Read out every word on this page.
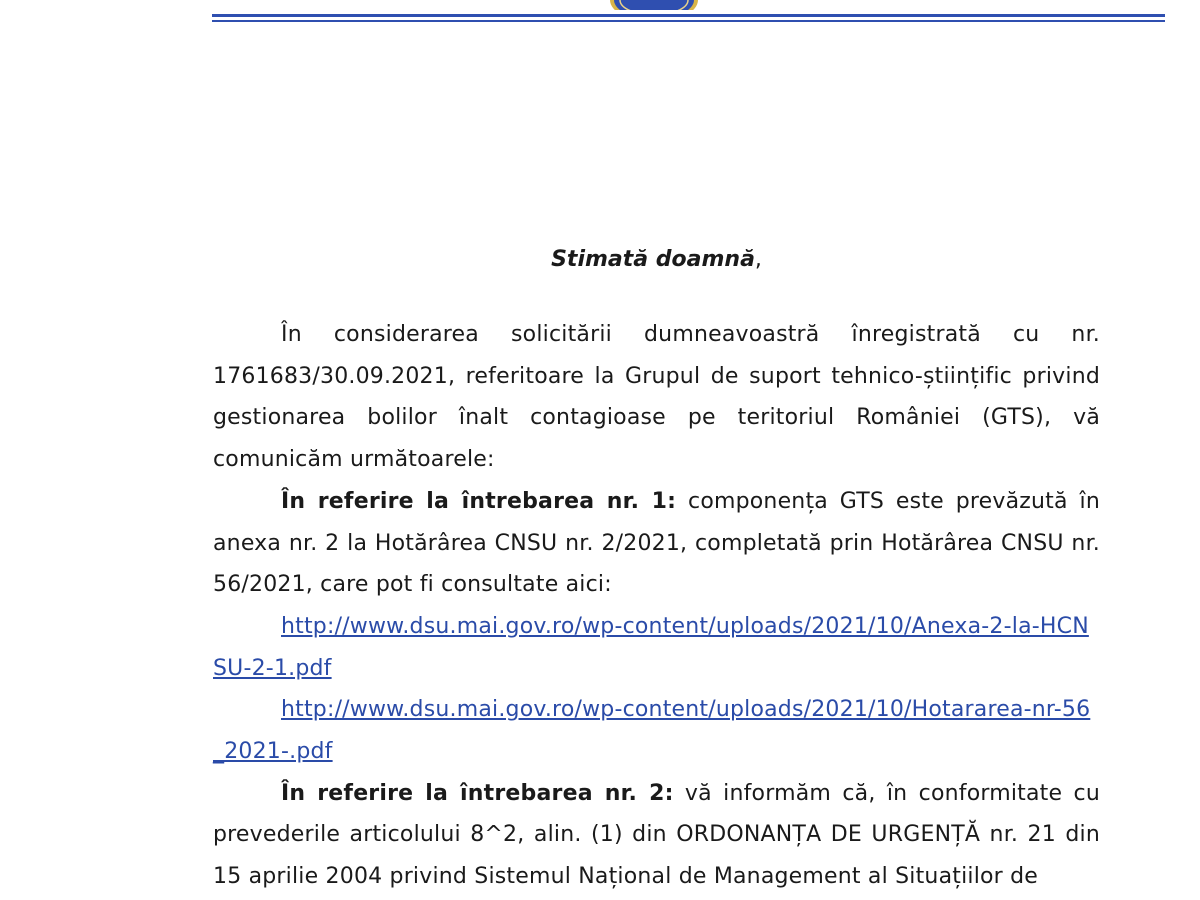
Stimată doamnă,

În considerarea solicitării dumneavoastră înregistrată cu nr. 1761683/30.09.2021, referitoare la Grupul de suport tehnico-științific privind gestionarea bolilor înalt contagioase pe teritoriul României (GTS), vă comunicăm următoarele:

În referire la întrebarea nr. 1: componența GTS este prevăzută în anexa nr. 2 la Hotărârea CNSU nr. 2/2021, completată prin Hotărârea CNSU nr. 56/2021, care pot fi consultate aici:

http://www.dsu.mai.gov.ro/wp-content/uploads/2021/10/Anexa-2-la-HCNSU-2-1.pdf

http://www.dsu.mai.gov.ro/wp-content/uploads/2021/10/Hotararea-nr-56_2021-.pdf

În referire la întrebarea nr. 2: vă informăm că, în conformitate cu prevederile articolului 8^2, alin. (1) din ORDONANȚA DE URGENȚĂ nr. 21 din 15 aprilie 2004 privind Sistemul Național de Management al Situațiilor de
